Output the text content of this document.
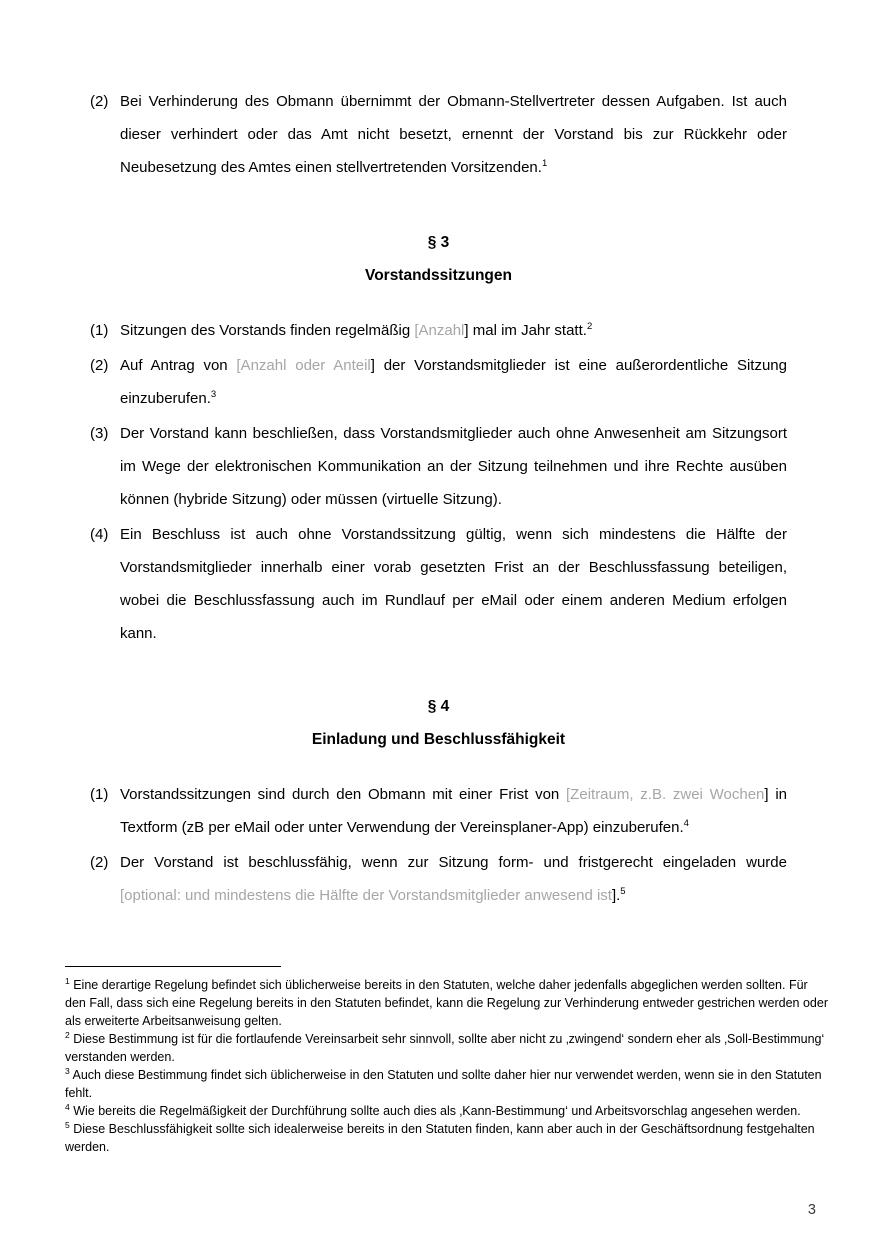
(2) Bei Verhinderung des Obmann übernimmt der Obmann-Stellvertreter dessen Aufgaben. Ist auch dieser verhindert oder das Amt nicht besetzt, ernennt der Vorstand bis zur Rückkehr oder Neubesetzung des Amtes einen stellvertretenden Vorsitzenden.$^1$
§ 3
Vorstandssitzungen
(1) Sitzungen des Vorstands finden regelmäßig [Anzahl] mal im Jahr statt.$^2$
(2) Auf Antrag von [Anzahl oder Anteil] der Vorstandsmitglieder ist eine außerordentliche Sitzung einzuberufen.$^3$
(3) Der Vorstand kann beschließen, dass Vorstandsmitglieder auch ohne Anwesenheit am Sitzungsort im Wege der elektronischen Kommunikation an der Sitzung teilnehmen und ihre Rechte ausüben können (hybride Sitzung) oder müssen (virtuelle Sitzung).
(4) Ein Beschluss ist auch ohne Vorstandssitzung gültig, wenn sich mindestens die Hälfte der Vorstandsmitglieder innerhalb einer vorab gesetzten Frist an der Beschlussfassung beteiligen, wobei die Beschlussfassung auch im Rundlauf per eMail oder einem anderen Medium erfolgen kann.
§ 4
Einladung und Beschlussfähigkeit
(1) Vorstandssitzungen sind durch den Obmann mit einer Frist von [Zeitraum, z.B. zwei Wochen] in Textform (zB per eMail oder unter Verwendung der Vereinsplaner-App) einzuberufen.$^4$
(2) Der Vorstand ist beschlussfähig, wenn zur Sitzung form- und fristgerecht eingeladen wurde [optional: und mindestens die Hälfte der Vorstandsmitglieder anwesend ist].$^5$

$^1$ Eine derartige Regelung befindet sich üblicherweise bereits in den Statuten, welche daher jedenfalls abgeglichen werden sollten. Für den Fall, dass sich eine Regelung bereits in den Statuten befindet, kann die Regelung zur Verhinderung entweder gestrichen werden oder als erweiterte Arbeitsanweisung gelten.

$^2$ Diese Bestimmung ist für die fortlaufende Vereinsarbeit sehr sinnvoll, sollte aber nicht zu ‚zwingend‘ sondern eher als ‚Soll-Bestimmung‘ verstanden werden.

$^3$ Auch diese Bestimmung findet sich üblicherweise in den Statuten und sollte daher hier nur verwendet werden, wenn sie in den Statuten fehlt.

$^4$ Wie bereits die Regelmäßigkeit der Durchführung sollte auch dies als ‚Kann-Bestimmung‘ und Arbeitsvorschlag angesehen werden.

$^5$ Diese Beschlussfähigkeit sollte sich idealerweise bereits in den Statuten finden, kann aber auch in der Geschäftsordnung festgehalten werden.

3
